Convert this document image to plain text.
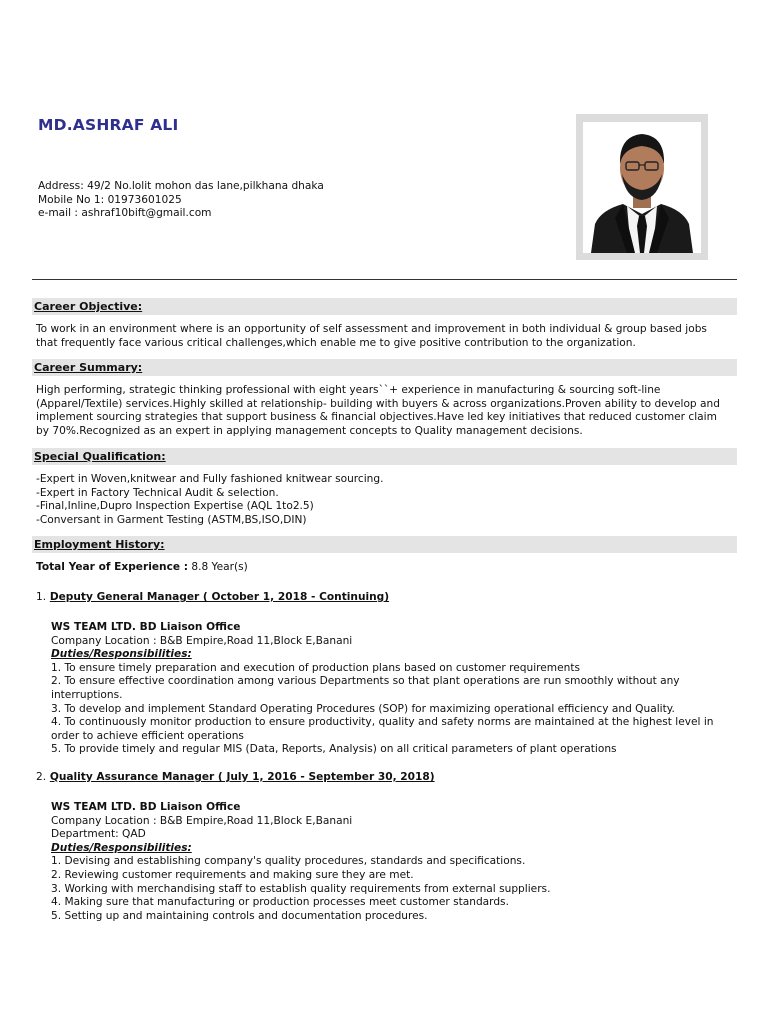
MD.ASHRAF ALI
Address: 49/2 No.lolit mohon das lane,pilkhana dhaka
Mobile No 1: 01973601025
e-mail : ashraf10bift@gmail.com
Career Objective:
To work in an environment where is an opportunity of self assessment and improvement in both individual & group based jobs
that frequently face various critical challenges,which enable me to give positive contribution to the organization.
Career Summary:
High performing, strategic thinking professional with eight years``+ experience in manufacturing & sourcing soft-line
(Apparel/Textile) services.Highly skilled at relationship- building with buyers & across organizations.Proven ability to develop and
implement sourcing strategies that support business & financial objectives.Have led key initiatives that reduced customer claim
by 70%.Recognized as an expert in applying management concepts to Quality management decisions.
Special Qualification:
-Expert in Woven,knitwear and Fully fashioned knitwear sourcing.
-Expert in Factory Technical Audit & selection.
-Final,Inline,Dupro Inspection Expertise (AQL 1to2.5)
-Conversant in Garment Testing (ASTM,BS,ISO,DIN)
Employment History:
Total Year of Experience : 8.8 Year(s)
1. Deputy General Manager ( October 1, 2018 - Continuing)
WS TEAM LTD. BD Liaison Office
Company Location : B&B Empire,Road 11,Block E,Banani
Duties/Responsibilities:
1. To ensure timely preparation and execution of production plans based on customer requirements
2. To ensure effective coordination among various Departments so that plant operations are run smoothly without any
interruptions.
3. To develop and implement Standard Operating Procedures (SOP) for maximizing operational efficiency and Quality.
4. To continuously monitor production to ensure productivity, quality and safety norms are maintained at the highest level in
order to achieve efficient operations
5. To provide timely and regular MIS (Data, Reports, Analysis) on all critical parameters of plant operations
2. Quality Assurance Manager ( July 1, 2016 - September 30, 2018)
WS TEAM LTD. BD Liaison Office
Company Location : B&B Empire,Road 11,Block E,Banani
Department: QAD
Duties/Responsibilities:
1. Devising and establishing company's quality procedures, standards and specifications.
2. Reviewing customer requirements and making sure they are met.
3. Working with merchandising staff to establish quality requirements from external suppliers.
4. Making sure that manufacturing or production processes meet customer standards.
5. Setting up and maintaining controls and documentation procedures.
